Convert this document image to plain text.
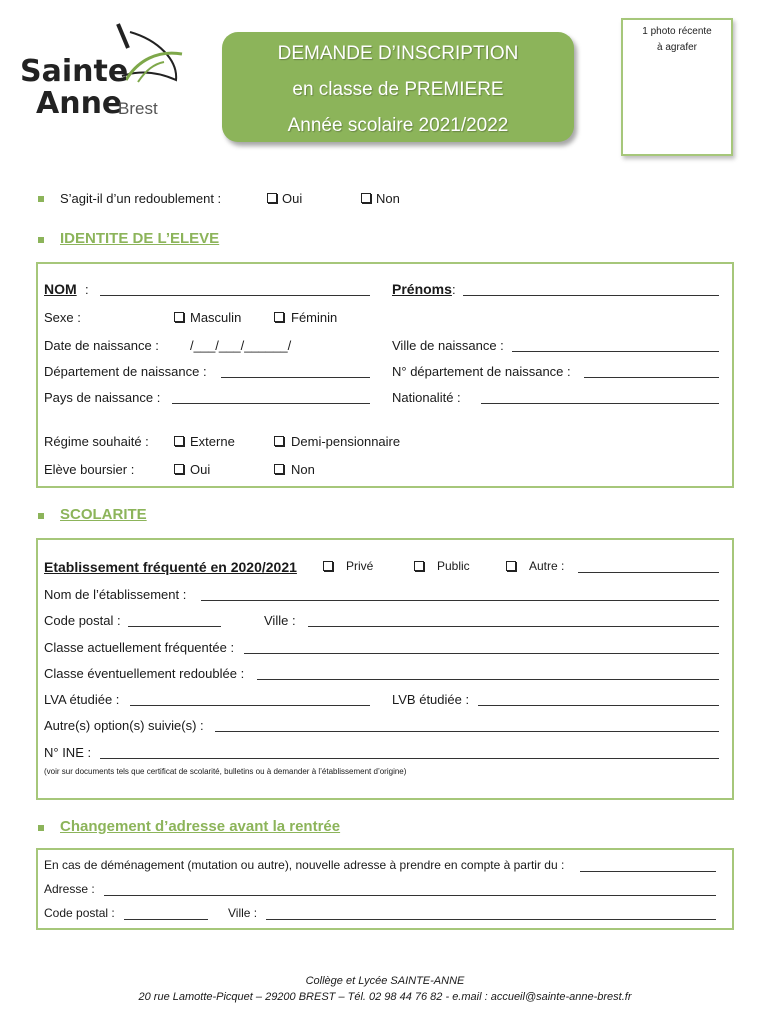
Sainte
Anne
Brest
DEMANDE D’INSCRIPTION
en classe de PREMIERE
Année scolaire 2021/2022
1 photo récente
à agrafer
S’agit-il d’un redoublement :	Oui	Non
IDENTITE DE L’ELEVE
NOM :	Prénoms :
Sexe :	Masculin	Féminin
Date de naissance : /___/___/______/	Ville de naissance :
Département de naissance :	N° département de naissance :
Pays de naissance :	Nationalité :
Régime souhaité :	Externe	Demi-pensionnaire
Elève boursier :	Oui	Non
SCOLARITE
Etablissement fréquenté en 2020/2021	Privé	Public	Autre :
Nom de l’établissement :
Code postal :	Ville :
Classe actuellement fréquentée :
Classe éventuellement redoublée :
LVA étudiée :	LVB étudiée :
Autre(s) option(s) suivie(s) :
N° INE :
(voir sur documents tels que certificat de scolarité, bulletins ou à demander à l’établissement d’origine)
Changement d’adresse avant la rentrée
En cas de déménagement (mutation ou autre), nouvelle adresse à prendre en compte à partir du :
Adresse :
Code postal :	Ville :
Collège et Lycée SAINTE-ANNE
20 rue Lamotte-Picquet – 29200 BREST – Tél. 02 98 44 76 82 - e.mail : accueil@sainte-anne-brest.fr
